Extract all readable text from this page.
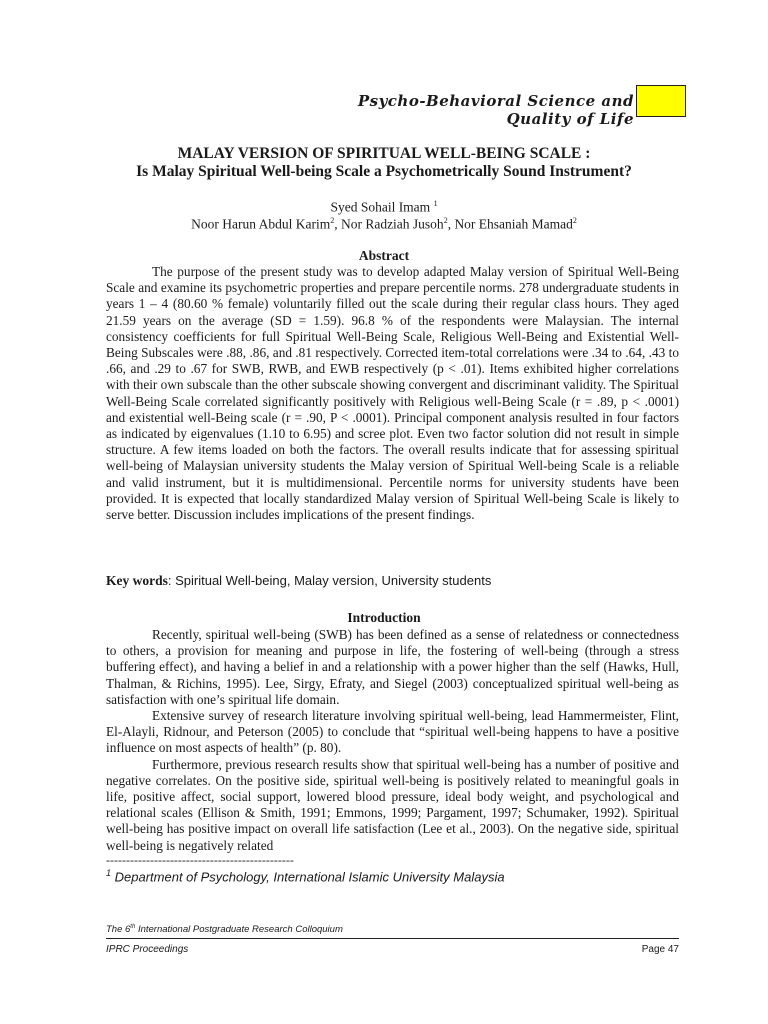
Psycho-Behavioral Science and Quality of Life
MALAY VERSION OF SPIRITUAL WELL-BEING SCALE :
Is Malay Spiritual Well-being Scale a Psychometrically Sound Instrument?
Syed Sohail Imam $^1$
Noor Harun Abdul Karim$^2$, Nor Radziah Jusoh$^2$, Nor Ehsaniah Mamad$^2$
Abstract

The purpose of the present study was to develop adapted Malay version of Spiritual Well-Being Scale and examine its psychometric properties and prepare percentile norms. 278 undergraduate students in years 1 – 4 (80.60 % female) voluntarily filled out the scale during their regular class hours. They aged 21.59 years on the average (SD = 1.59). 96.8 % of the respondents were Malaysian. The internal consistency coefficients for full Spiritual Well-Being Scale, Religious Well-Being and Existential Well-Being Subscales were .88, .86, and .81 respectively. Corrected item-total correlations were .34 to .64, .43 to .66, and .29 to .67 for SWB, RWB, and EWB respectively (p < .01). Items exhibited higher correlations with their own subscale than the other subscale showing convergent and discriminant validity. The Spiritual Well-Being Scale correlated significantly positively with Religious well-Being Scale (r = .89, p < .0001) and existential well-Being scale (r = .90, P < .0001). Principal component analysis resulted in four factors as indicated by eigenvalues (1.10 to 6.95) and scree plot. Even two factor solution did not result in simple structure. A few items loaded on both the factors. The overall results indicate that for assessing spiritual well-being of Malaysian university students the Malay version of Spiritual Well-being Scale is a reliable and valid instrument, but it is multidimensional. Percentile norms for university students have been provided. It is expected that locally standardized Malay version of Spiritual Well-being Scale is likely to serve better. Discussion includes implications of the present findings.

Key words: Spiritual Well-being, Malay version, University students
Introduction

Recently, spiritual well-being (SWB) has been defined as a sense of relatedness or connectedness to others, a provision for meaning and purpose in life, the fostering of well-being (through a stress buffering effect), and having a belief in and a relationship with a power higher than the self (Hawks, Hull, Thalman, & Richins, 1995). Lee, Sirgy, Efraty, and Siegel (2003) conceptualized spiritual well-being as satisfaction with one’s spiritual life domain.

Extensive survey of research literature involving spiritual well-being, lead Hammermeister, Flint, El-Alayli, Ridnour, and Peterson (2005) to conclude that “spiritual well-being happens to have a positive influence on most aspects of health” (p. 80).

Furthermore, previous research results show that spiritual well-being has a number of positive and negative correlates. On the positive side, spiritual well-being is positively related to meaningful goals in life, positive affect, social support, lowered blood pressure, ideal body weight, and psychological and relational scales (Ellison & Smith, 1991; Emmons, 1999; Pargament, 1997; Schumaker, 1992). Spiritual well-being has positive impact on overall life satisfaction (Lee et al., 2003). On the negative side, spiritual well-being is negatively related

-----------------------------------------------
$^1$ Department of Psychology, International Islamic University Malaysia
The 6th International Postgraduate Research Colloquium
IPRC Proceedings	Page 47
